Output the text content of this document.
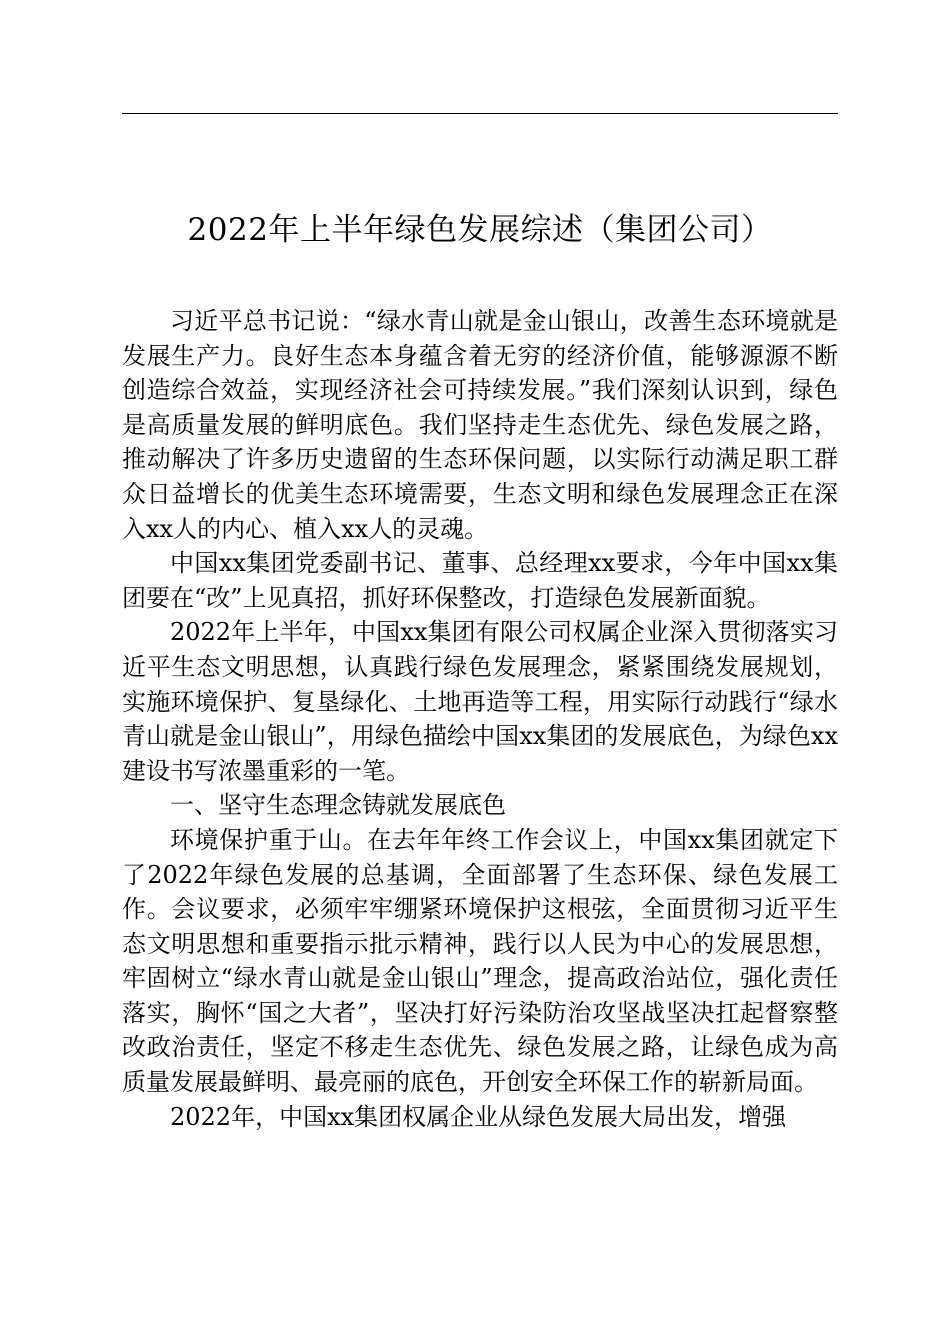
2022年上半年绿色发展综述（集团公司）

习近平总书记说：“绿水青山就是金山银山，改善生态环境就是发展生产力。良好生态本身蕴含着无穷的经济价值，能够源源不断创造综合效益，实现经济社会可持续发展。”我们深刻认识到，绿色是高质量发展的鲜明底色。我们坚持走生态优先、绿色发展之路，推动解决了许多历史遗留的生态环保问题，以实际行动满足职工群众日益增长的优美生态环境需要，生态文明和绿色发展理念正在深入xx人的内心、植入xx人的灵魂。

中国xx集团党委副书记、董事、总经理xx要求，今年中国xx集团要在“改”上见真招，抓好环保整改，打造绿色发展新面貌。

2022年上半年，中国xx集团有限公司权属企业深入贯彻落实习近平生态文明思想，认真践行绿色发展理念，紧紧围绕发展规划，实施环境保护、复垦绿化、土地再造等工程，用实际行动践行“绿水青山就是金山银山”，用绿色描绘中国xx集团的发展底色，为绿色xx建设书写浓墨重彩的一笔。

一、坚守生态理念铸就发展底色

环境保护重于山。在去年年终工作会议上，中国xx集团就定下了2022年绿色发展的总基调，全面部署了生态环保、绿色发展工作。会议要求，必须牢牢绷紧环境保护这根弦，全面贯彻习近平生态文明思想和重要指示批示精神，践行以人民为中心的发展思想，牢固树立“绿水青山就是金山银山”理念，提高政治站位，强化责任落实，胸怀“国之大者”，坚决打好污染防治攻坚战坚决扛起督察整改政治责任，坚定不移走生态优先、绿色发展之路，让绿色成为高质量发展最鲜明、最亮丽的底色，开创安全环保工作的崭新局面。

2022年，中国xx集团权属企业从绿色发展大局出发，增强
